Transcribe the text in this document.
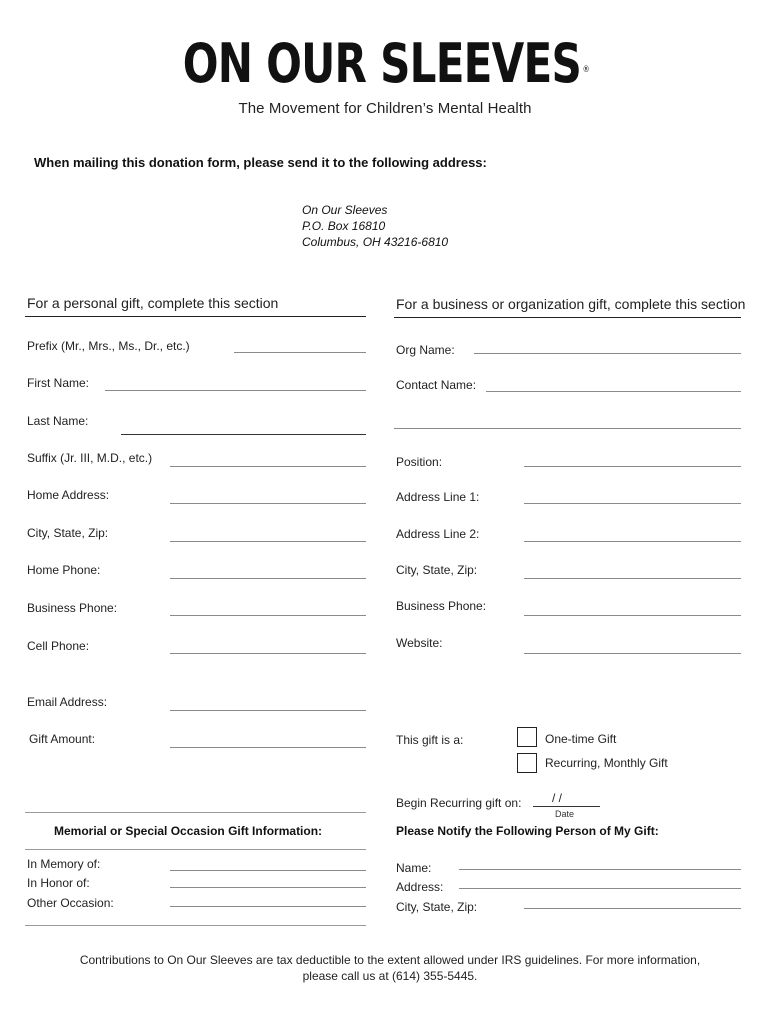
ON OUR SLEEVES ®
The Movement for Children’s Mental Health
When mailing this donation form, please send it to the following address:
On Our Sleeves
P.O. Box 16810
Columbus, OH 43216-6810
For a personal gift, complete this section	For a business or organization gift, complete this section
Prefix (Mr., Mrs., Ms., Dr., etc.)
First Name:
Last Name:
Suffix (Jr. III, M.D., etc.)
Home Address:
City, State, Zip:
Home Phone:
Business Phone:
Cell Phone:
Email Address:
Gift Amount:
Org Name:
Contact Name:
Position:
Address Line 1:
Address Line 2:
City, State, Zip:
Business Phone:
Website:
This gift is a:	One-time Gift
Recurring, Monthly Gift
Begin Recurring gift on:	/ /
Date
Memorial or Special Occasion Gift Information:
In Memory of:
In Honor of:
Other Occasion:
Please Notify the Following Person of My Gift:
Name:
Address:
City, State, Zip:
Contributions to On Our Sleeves are tax deductible to the extent allowed under IRS guidelines. For more information,
please call us at (614) 355-5445.
